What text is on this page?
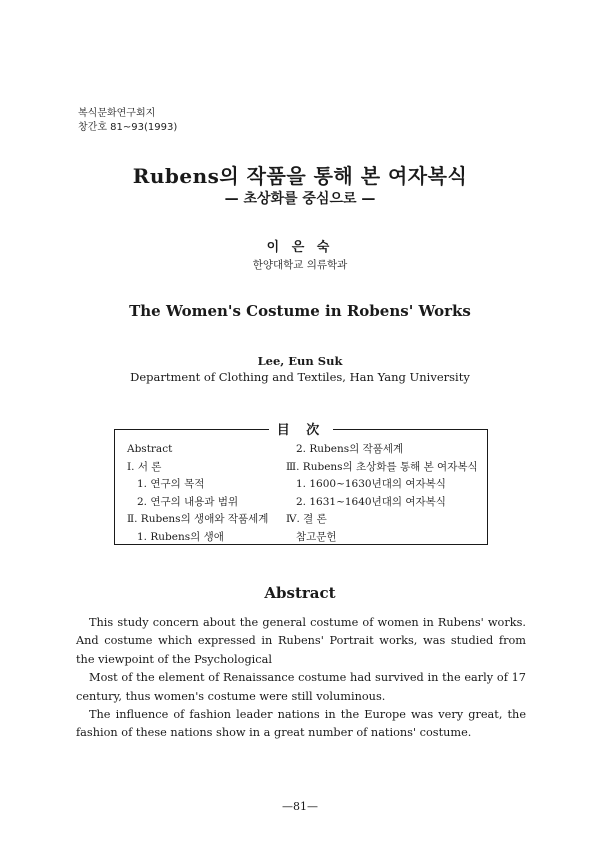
복식문화연구회지
창간호 81~93(1993)
Rubens의 작품을 통해 본 여자복식
— 초상화를 중심으로 —
이 은 숙
한양대학교 의류학과
The Women's Costume in Robens' Works
Lee, Eun Suk
Department of Clothing and Textiles, Han Yang University
目 次
Abstract
Ⅰ. 서 론
1. 연구의 목적
2. 연구의 내용과 범위
Ⅱ. Rubens의 생애와 작품세계
1. Rubens의 생애
2. Rubens의 작품세계
Ⅲ. Rubens의 초상화를 통해 본 여자복식
1. 1600~1630년대의 여자복식
2. 1631~1640년대의 여자복식
Ⅳ. 결 론
참고문헌
Abstract

This study concern about the general costume of women in Rubens' works. And costume which expressed in Rubens' Portrait works, was studied from the viewpoint of the Psychological

Most of the element of Renaissance costume had survived in the early of 17 century, thus women's costume were still voluminous.

The influence of fashion leader nations in the Europe was very great, the fashion of these nations show in a great number of nations' costume.

—81—
